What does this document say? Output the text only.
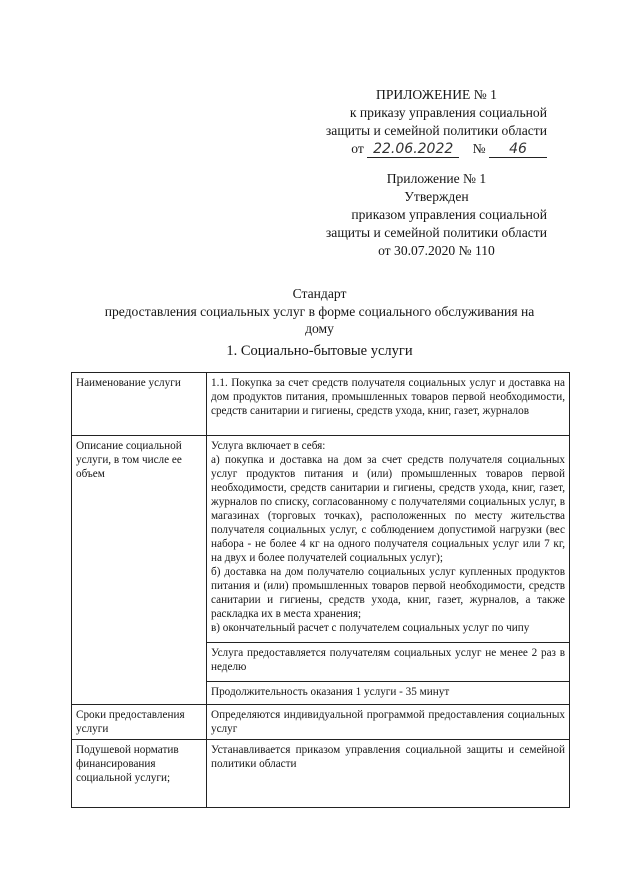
ПРИЛОЖЕНИЕ № 1
к приказу управления социальной
защиты и семейной политики области
от 22.06.2022 № 46
Приложение № 1
Утвержден
приказом управления социальной
защиты и семейной политики области
от 30.07.2020 № 110
Стандарт
предоставления социальных услуг в форме социального обслуживания на
дому
1. Социально-бытовые услуги
Наименование услуги	1.1. Покупка за счет средств получателя социальных услуг и доставка на дом продуктов питания, промышленных товаров первой необходимости, средств санитарии и гигиены, средств ухода, книг, газет, журналов
Описание социальной услуги, в том числе ее объем	Услуга включает в себя:
а) покупка и доставка на дом за счет средств получателя социальных услуг продуктов питания и (или) промышленных товаров первой необходимости, средств санитарии и гигиены, средств ухода, книг, газет, журналов по списку, согласованному с получателями социальных услуг, в магазинах (торговых точках), расположенных по месту жительства получателя социальных услуг, с соблюдением допустимой нагрузки (вес набора - не более 4 кг на одного получателя социальных услуг или 7 кг, на двух и более получателей социальных услуг);
б) доставка на дом получателю социальных услуг купленных продуктов питания и (или) промышленных товаров первой необходимости, средств санитарии и гигиены, средств ухода, книг, газет, журналов, а также раскладка их в места хранения;
в) окончательный расчет с получателем социальных услуг по чипу

	Услуга предоставляется получателям социальных услуг не менее 2 раз в неделю
	Продолжительность оказания 1 услуги - 35 минут
Сроки предоставления услуги	Определяются индивидуальной программой предоставления социальных услуг
Подушевой норматив финансирования социальной услуги;	Устанавливается приказом управления социальной защиты и семейной политики области
